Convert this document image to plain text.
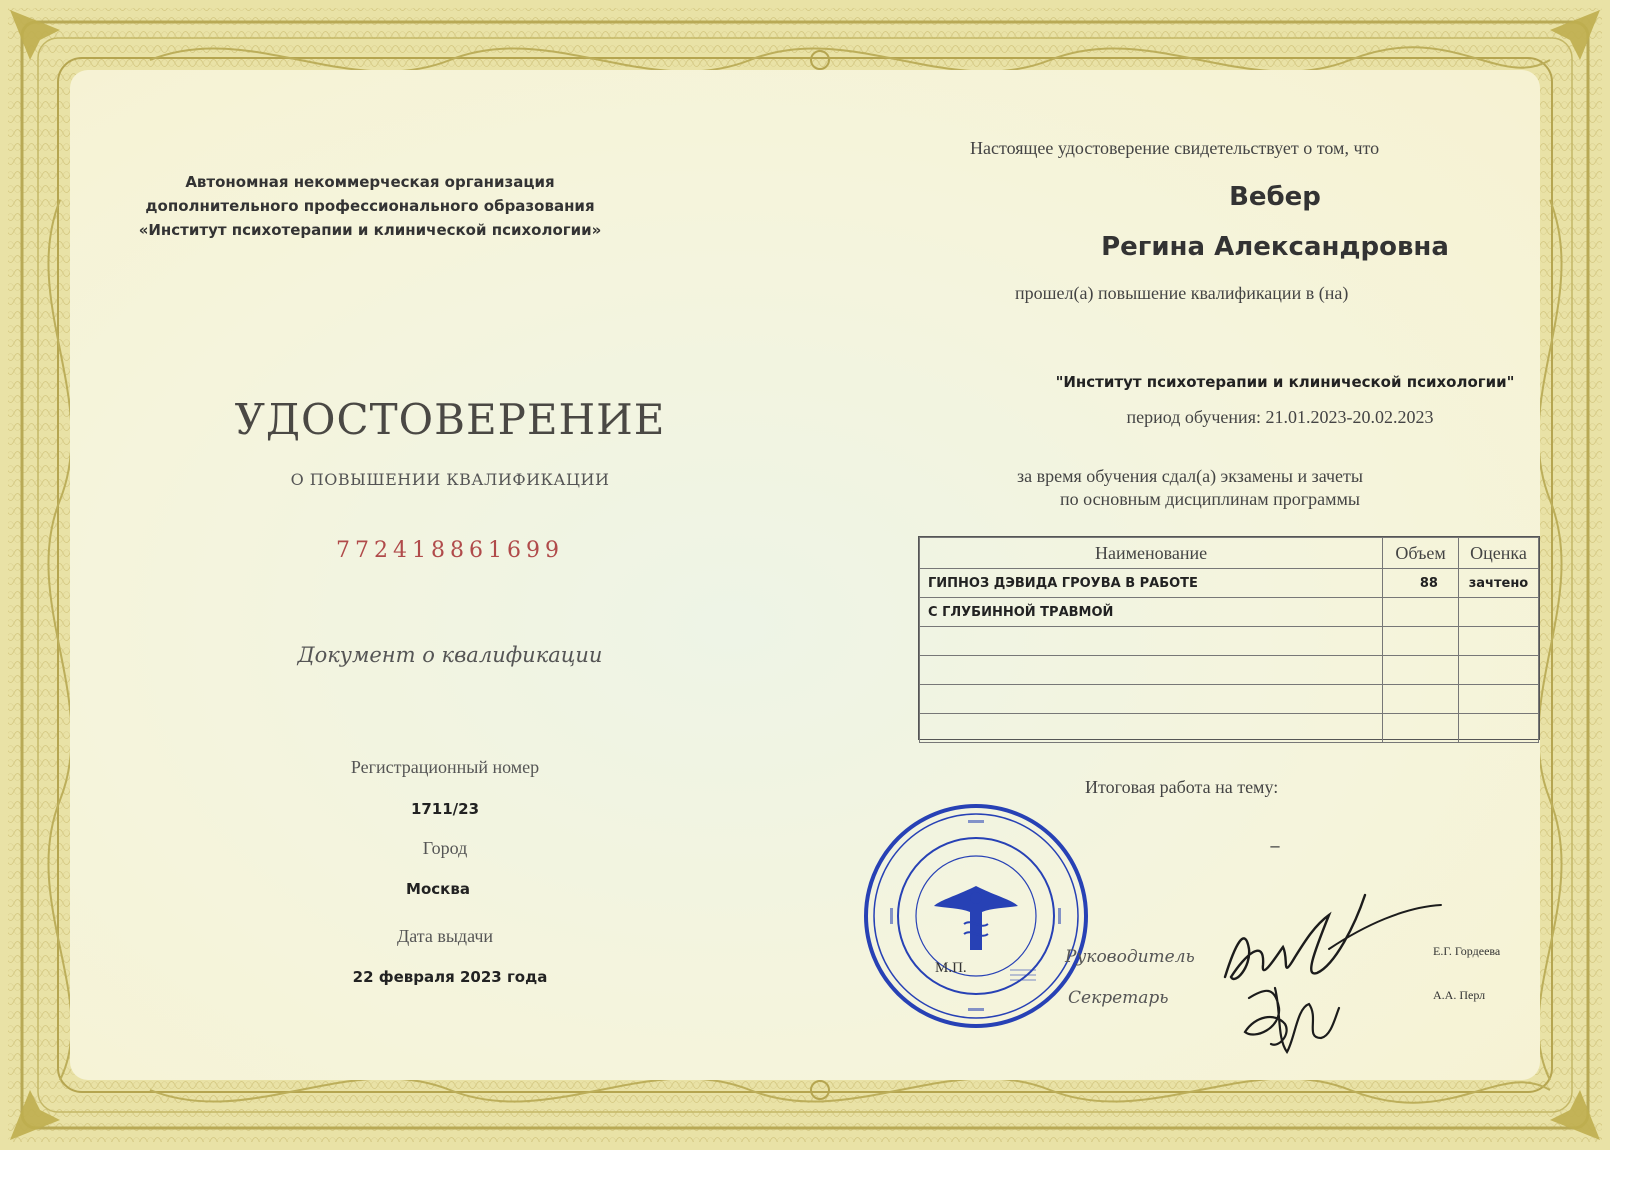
Автономная некоммерческая организация дополнительного профессионального образования «Институт психотерапии и клинической психологии»
УДОСТОВЕРЕНИЕ
О ПОВЫШЕНИИ КВАЛИФИКАЦИИ
772418861699
Документ о квалификации
Регистрационный номер
1711/23
Город
Москва
Дата выдачи
22 февраля 2023 года
Настоящее удостоверение свидетельствует о том, что
Вебер
Регина Александровна
прошел(а) повышение квалификации в (на)
"Институт психотерапии и клинической психологии"
период обучения: 21.01.2023-20.02.2023
за время обучения сдал(а) экзамены и зачеты
по основным дисциплинам программы
Наименование	Объем	Оценка
ГИПНОЗ ДЭВИДА ГРОУВА В РАБОТЕ	88	зачтено
С ГЛУБИННОЙ ТРАВМОЙ		

Итоговая работа на тему:
–
М.П.
Руководитель
Секретарь
Е.Г. Гордеева
А.А. Перл
